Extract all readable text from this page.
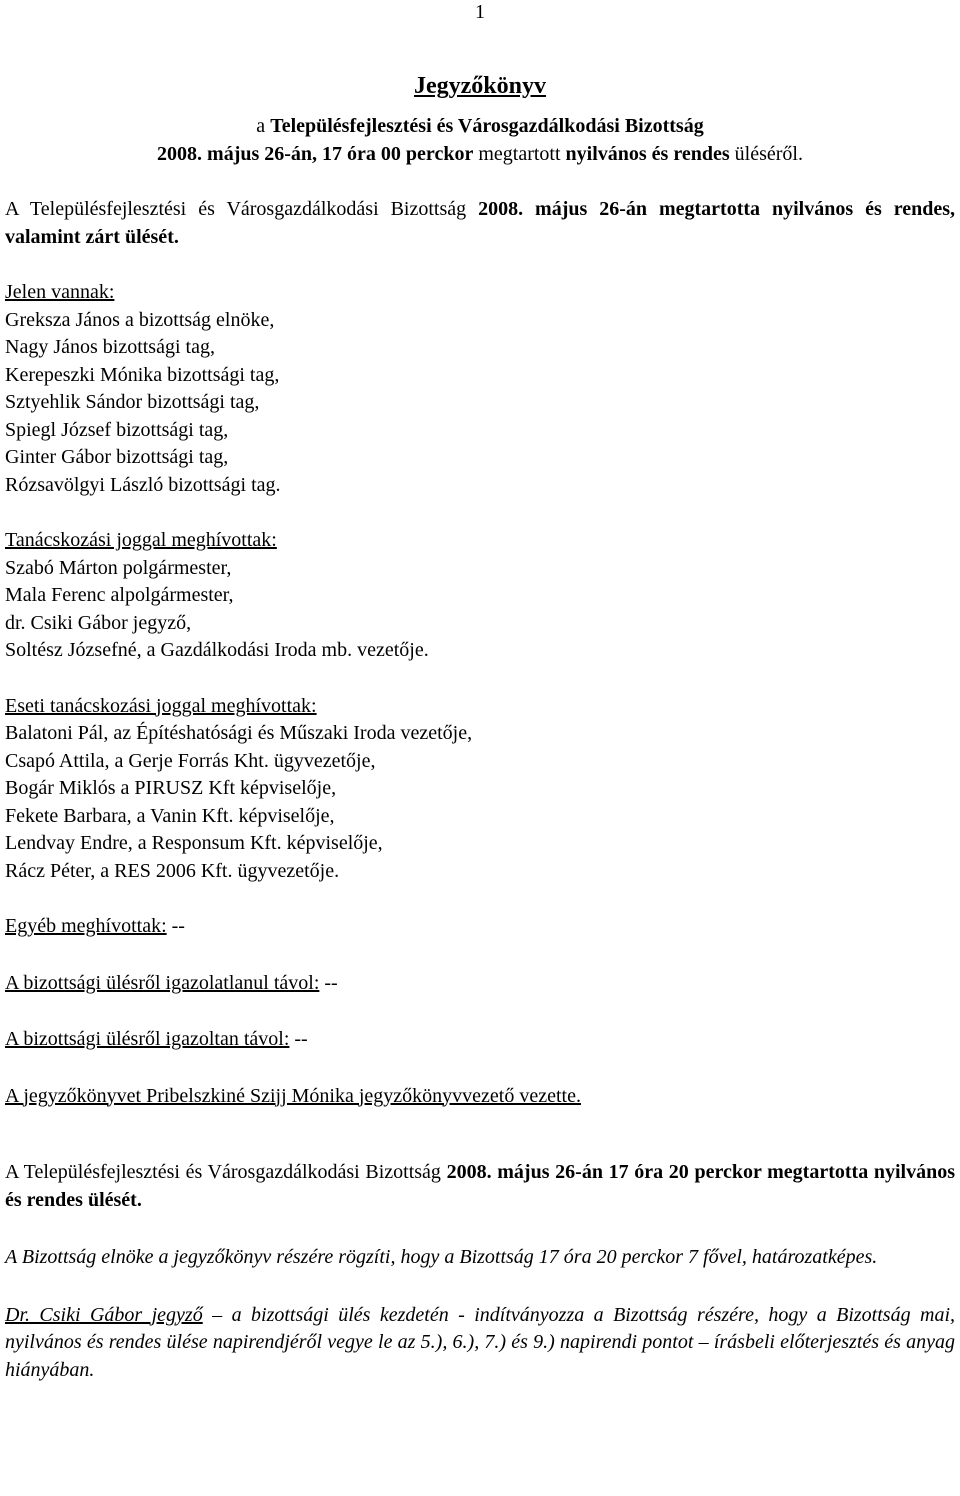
1
Jegyzőkönyv

a Településfejlesztési és Városgazdálkodási Bizottság

2008. május 26-án, 17 óra 00 perckor megtartott nyilvános és rendes üléséről.

A Településfejlesztési és Városgazdálkodási Bizottság 2008. május 26-án megtartotta nyilvános és rendes, valamint zárt ülését.

Jelen vannak:
Greksza János a bizottság elnöke,
Nagy János bizottsági tag,
Kerepeszki Mónika bizottsági tag,
Sztyehlik Sándor bizottsági tag,
Spiegl József bizottsági tag,
Ginter Gábor bizottsági tag,
Rózsavölgyi László bizottsági tag.
Tanácskozási joggal meghívottak:
Szabó Márton polgármester,
Mala Ferenc alpolgármester,
dr. Csiki Gábor jegyző,
Soltész Józsefné, a Gazdálkodási Iroda mb. vezetője.
Eseti tanácskozási joggal meghívottak:
Balatoni Pál, az Építéshatósági és Műszaki Iroda vezetője,
Csapó Attila, a Gerje Forrás Kht. ügyvezetője,
Bogár Miklós a PIRUSZ Kft képviselője,
Fekete Barbara, a Vanin Kft. képviselője,
Lendvay Endre, a Responsum Kft. képviselője,
Rácz Péter, a RES 2006 Kft. ügyvezetője.

Egyéb meghívottak: --

A bizottsági ülésről igazolatlanul távol: --

A bizottsági ülésről igazoltan távol: --

A jegyzőkönyvet Pribelszkiné Szijj Mónika jegyzőkönyvvezető vezette.

A Településfejlesztési és Városgazdálkodási Bizottság 2008. május 26-án 17 óra 20 perckor megtartotta nyilvános és rendes ülését.

A Bizottság elnöke a jegyzőkönyv részére rögzíti, hogy a Bizottság 17 óra 20 perckor 7 fővel, határozatképes.

Dr. Csiki Gábor jegyző – a bizottsági ülés kezdetén - indítványozza a Bizottság részére, hogy a Bizottság mai, nyilvános és rendes ülése napirendjéről vegye le az 5.), 6.), 7.) és 9.) napirendi pontot – írásbeli előterjesztés és anyag hiányában.
